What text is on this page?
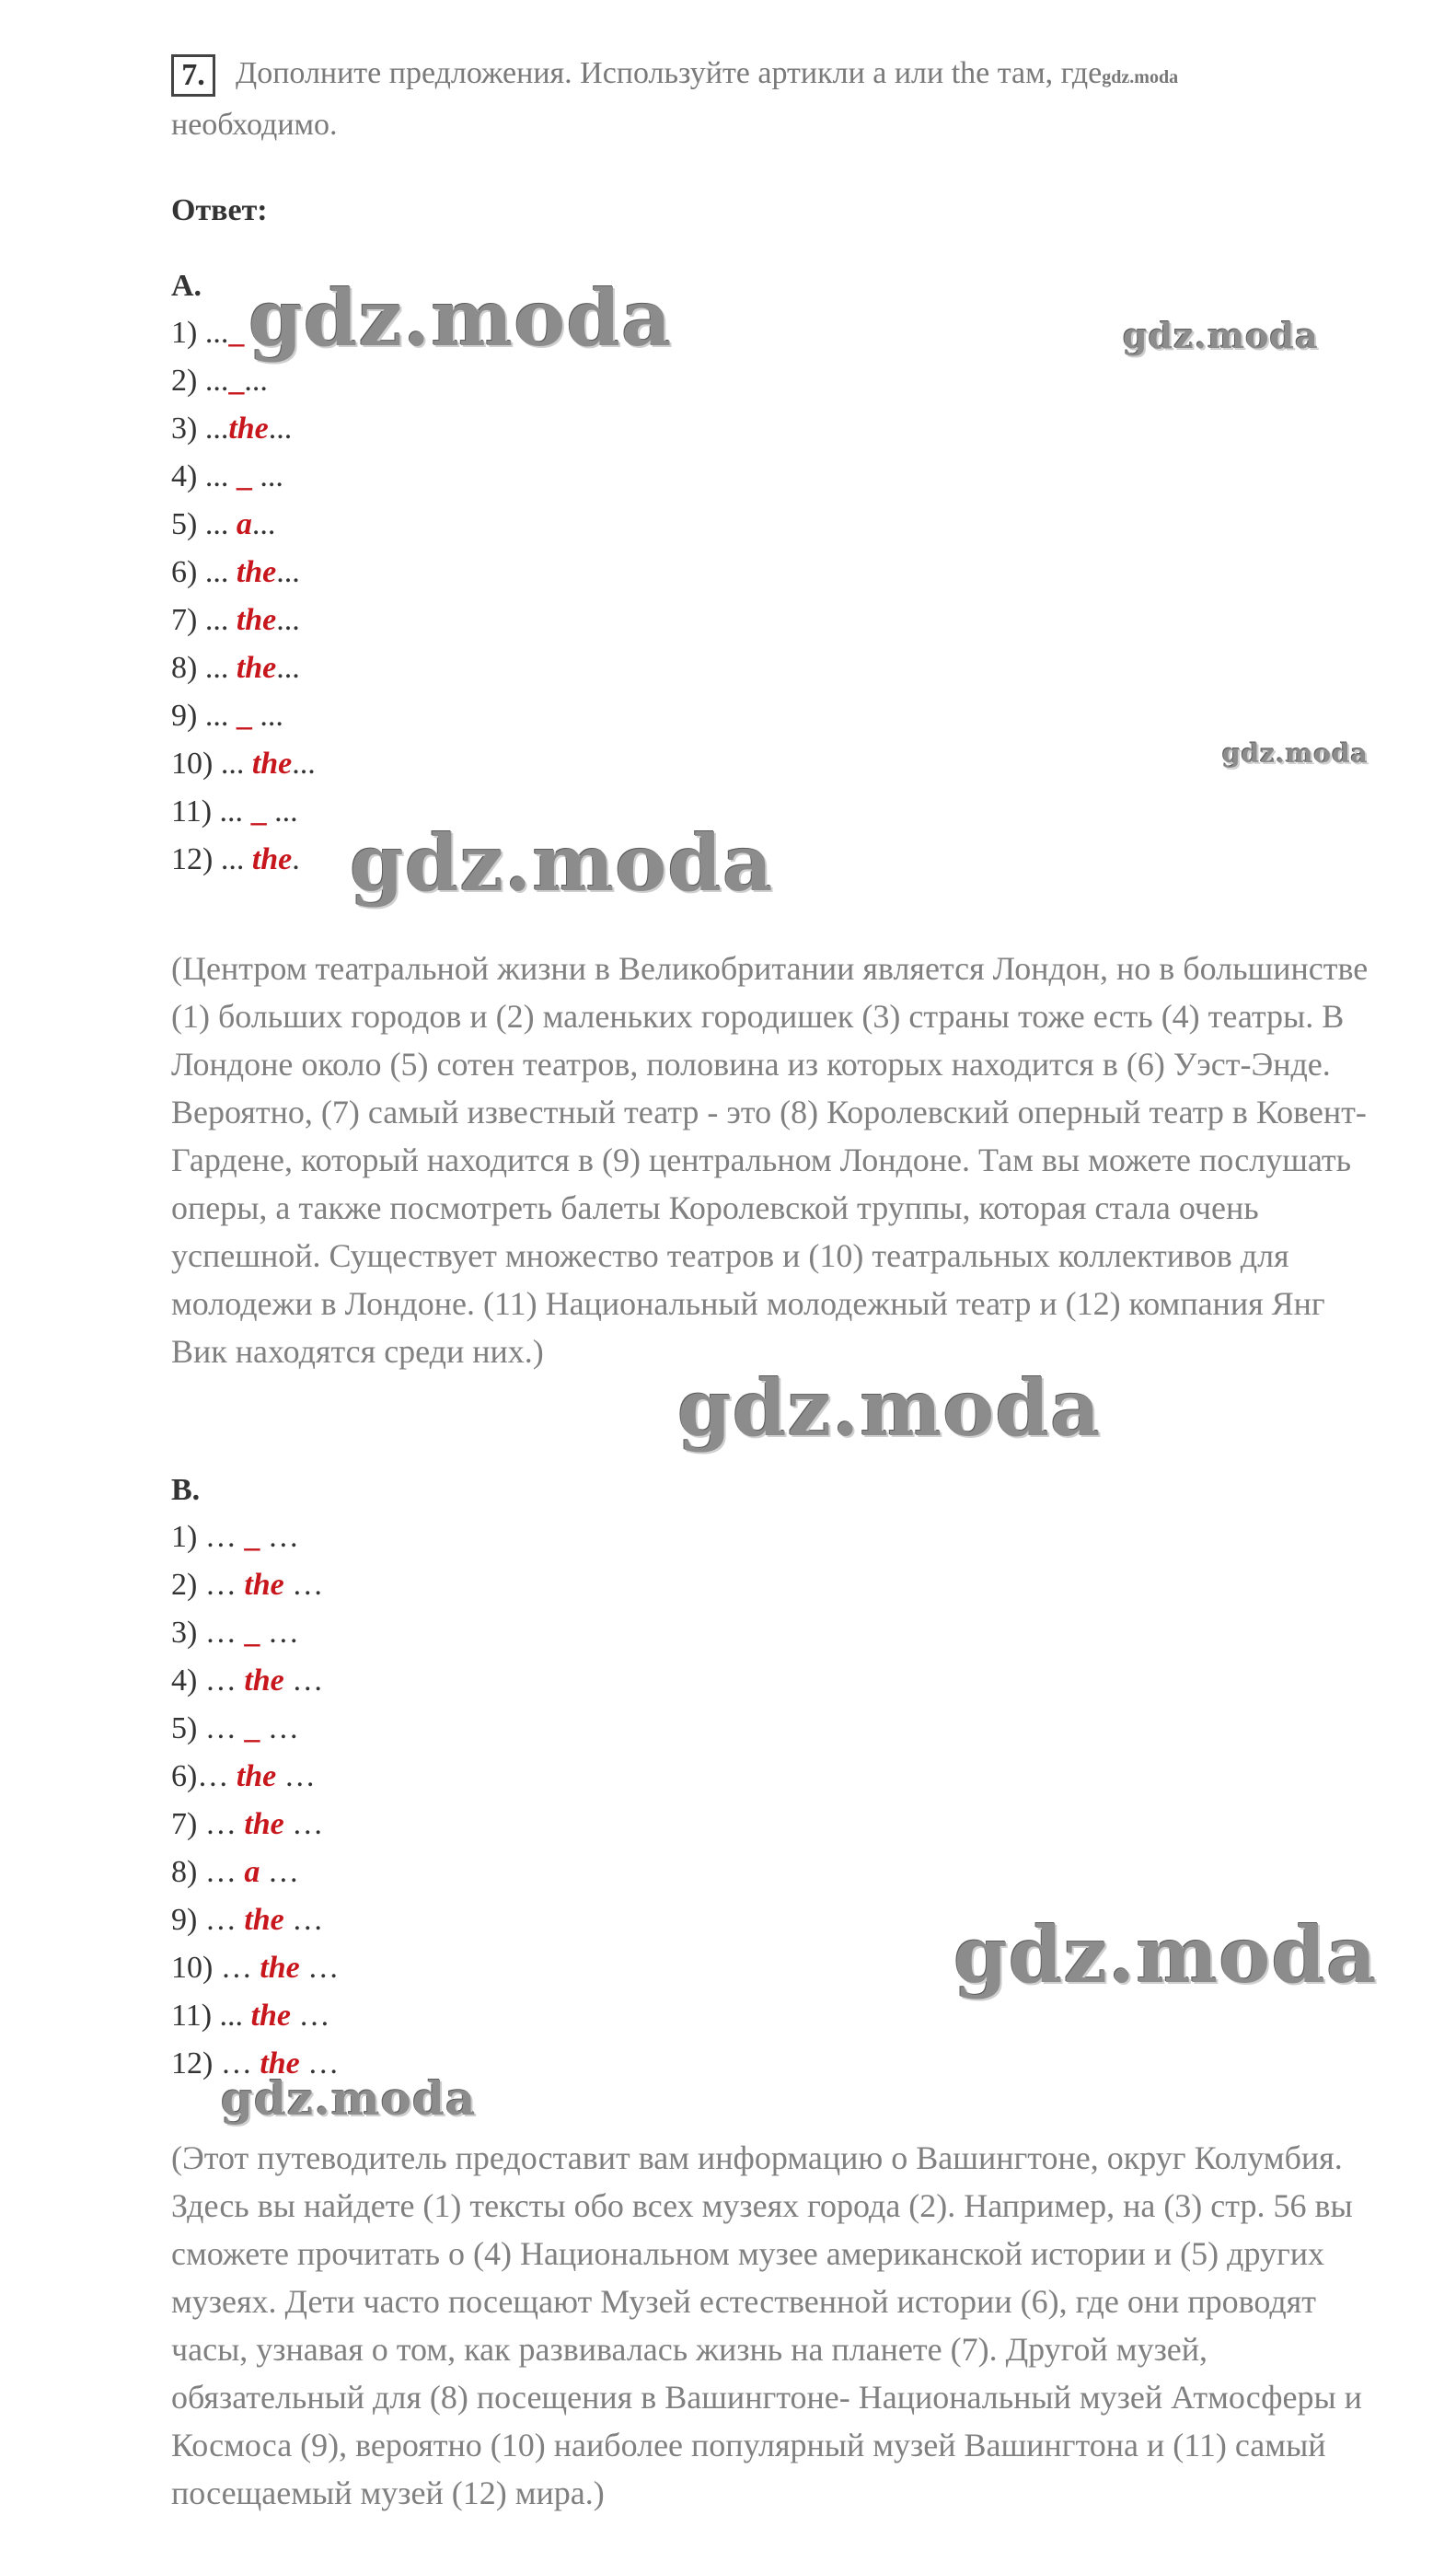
7. Дополните предложения. Используйте артикли a или the там, гдеgdz.moda
необходимо.
Ответ:
A.
1) ..._
2) ..._...
3) ...the...
4) ... _ ...
5) ... a...
6) ... the...
7) ... the...
8) ... the...
9) ... _ ...
10) ... the...
11) ... _ ...
12) ... the.
(Центром театральной жизни в Великобритании является Лондон, но в большинстве (1) больших городов и (2) маленьких городишек (3) страны тоже есть (4) театры. В Лондоне около (5) сотен театров, половина из которых находится в (6) Уэст-Энде. Вероятно, (7) самый известный театр - это (8) Королевский оперный театр в Ковент-Гардене, который находится в (9) центральном Лондоне. Там вы можете послушать оперы, а также посмотреть балеты Королевской труппы, которая стала очень успешной. Существует множество театров и (10) театральных коллективов для молодежи в Лондоне. (11) Национальный молодежный театр и (12) компания Янг Вик находятся среди них.)
B.
1) … _ …
2) … the …
3) … _ …
4) … the …
5) … _ …
6)… the …
7) … the …
8) … a …
9) … the …
10) … the …
11) ... the …
12) … the …
(Этот путеводитель предоставит вам информацию о Вашингтоне, округ Колумбия. Здесь вы найдете (1) тексты обо всех музеях города (2). Например, на (3) стр. 56 вы сможете прочитать о (4) Национальном музее американской истории и (5) других музеях. Дети часто посещают Музей естественной истории (6), где они проводят часы, узнавая о том, как развивалась жизнь на планете (7). Другой музей, обязательный для (8) посещения в Вашингтоне- Национальный музей Атмосферы и Космоса (9), вероятно (10) наиболее популярный музей Вашингтона и (11) самый посещаемый музей (12) мира.)
gdz.moda	gdz.moda
gdz.moda
gdz.moda
gdz.moda
gdz.moda
gdz.moda
